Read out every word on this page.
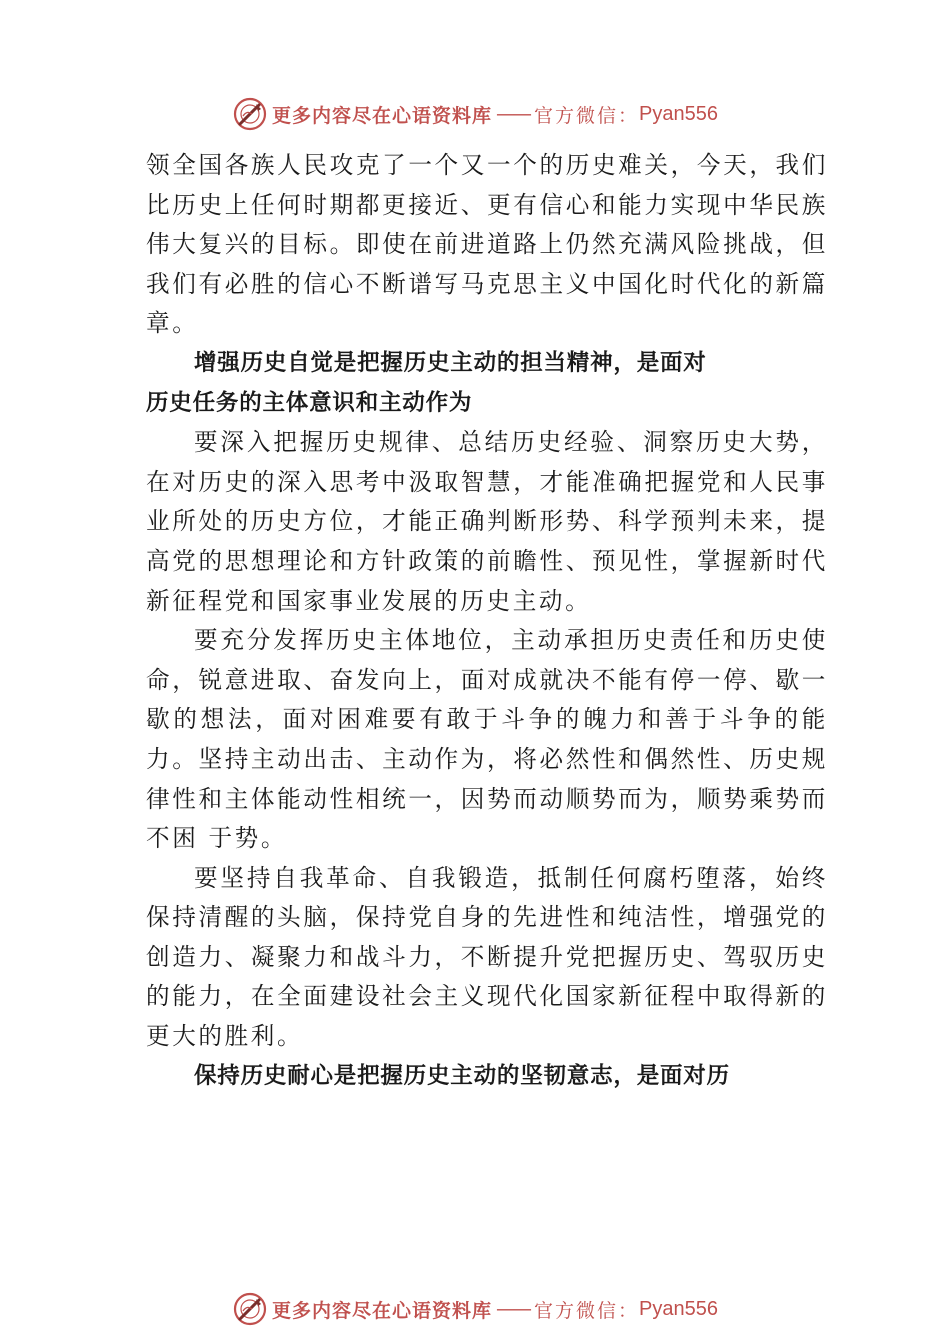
更多内容尽在心语资料库 —— 官方微信： Pyan556

领全国各族人民攻克了一个又一个的历史难关，今天，我们比历史上任何时期都更接近、更有信心和能力实现中华民族伟大复兴的目标。即使在前进道路上仍然充满风险挑战，但我们有必胜的信心不断谱写马克思主义中国化时代化的新篇章。

增强历史自觉是把握历史主动的担当精神，是面对
历史任务的主体意识和主动作为

要深入把握历史规律、总结历史经验、洞察历史大势，在对历史的深入思考中汲取智慧，才能准确把握党和人民事业所处的历史方位，才能正确判断形势、科学预判未来，提高党的思想理论和方针政策的前瞻性、预见性，掌握新时代新征程党和国家事业发展的历史主动。

要充分发挥历史主体地位，主动承担历史责任和历史使命，锐意进取、奋发向上，面对成就决不能有停一停、歇一歇的想法，面对困难要有敢于斗争的魄力和善于斗争的能力。坚持主动出击、主动作为，将必然性和偶然性、历史规律性和主体能动性相统一，因势而动顺势而为，顺势乘势而不困 于势。

要坚持自我革命、自我锻造，抵制任何腐朽堕落，始终保持清醒的头脑，保持党自身的先进性和纯洁性，增强党的创造力、凝聚力和战斗力，不断提升党把握历史、驾驭历史的能力，在全面建设社会主义现代化国家新征程中取得新的更大的胜利。

保持历史耐心是把握历史主动的坚韧意志，是面对历

更多内容尽在心语资料库 —— 官方微信： Pyan556
